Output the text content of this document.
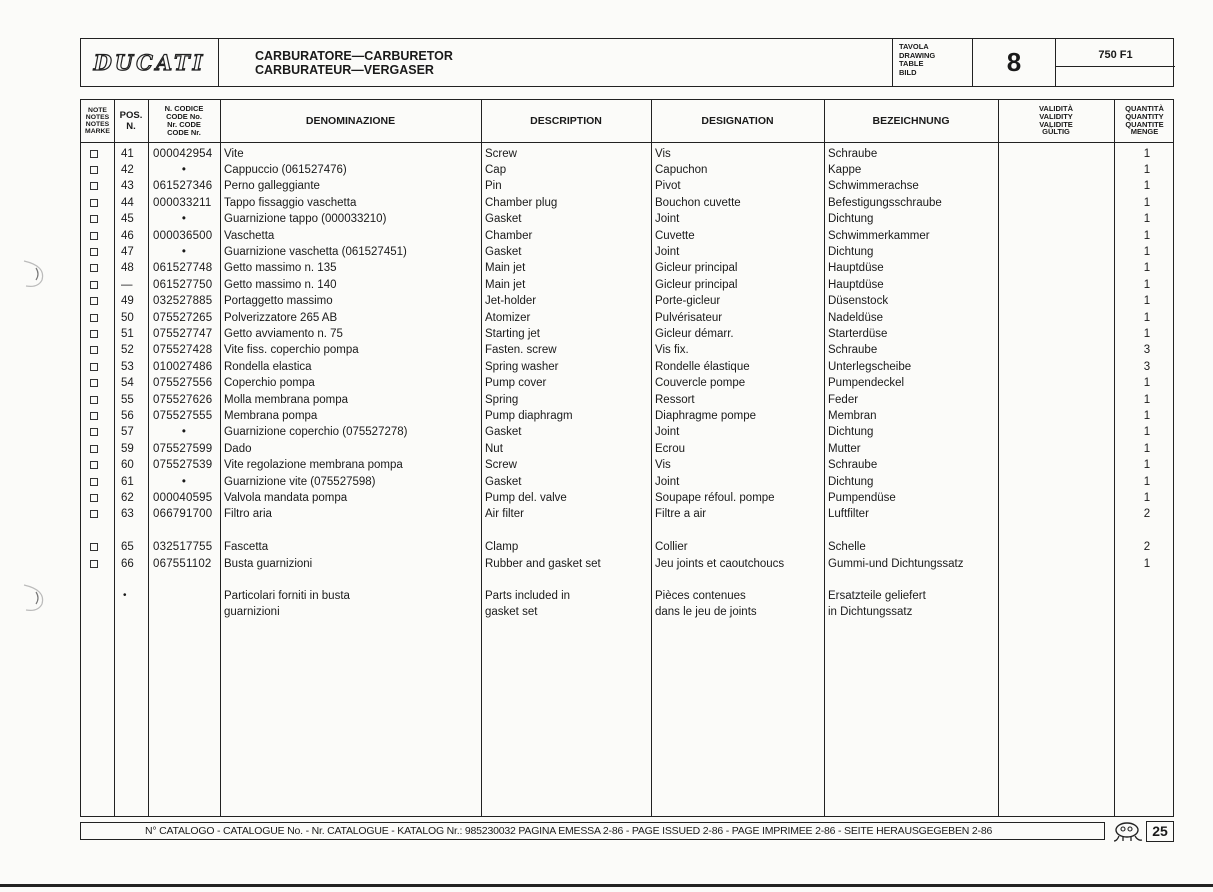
DUCATI	CARBURATORE—CARBURETOR
CARBURATEUR—VERGASER
TAVOLA
DRAWING
TABLE
BILD	8	750 F1
NOTE
NOTES
NOTES
MARKE
POS.
N.
N. CODICE
CODE No.
Nr. CODE
CODE Nr.
DENOMINAZIONE	DESCRIPTION	DESIGNATION	BEZEICHNUNG
VALIDITÀ
VALIDITY
VALIDITE
GÜLTIG
QUANTITÀ
QUANTITY
QUANTITE
MENGE
41 000042954 Vite	Screw	Vis	Schraube	1
42	•	Cappuccio (061527476)	Cap	Capuchon	Kappe	1
43 061527346 Perno galleggiante	Pin	Pivot	Schwimmerachse	1
44 000033211 Tappo fissaggio vaschetta	Chamber plug	Bouchon cuvette	Befestigungsschraube	1
45	•	Guarnizione tappo (000033210)	Gasket	Joint	Dichtung	1
46 000036500 Vaschetta	Chamber	Cuvette	Schwimmerkammer	1
47	•	Guarnizione vaschetta (061527451)	Gasket	Joint	Dichtung	1
48 061527748 Getto massimo n. 135	Main jet	Gicleur principal	Hauptdüse	1
— 061527750 Getto massimo n. 140	Main jet	Gicleur principal	Hauptdüse	1
49 032527885 Portaggetto massimo	Jet-holder	Porte-gicleur	Düsenstock	1
50 075527265 Polverizzatore 265 AB	Atomizer	Pulvérisateur	Nadeldüse	1
51 075527747 Getto avviamento n. 75	Starting jet	Gicleur démarr.	Starterdüse	1
52 075527428 Vite fiss. coperchio pompa	Fasten. screw	Vis fix.	Schraube	3
53 010027486 Rondella elastica	Spring washer	Rondelle élastique	Unterlegscheibe	3
54 075527556 Coperchio pompa	Pump cover	Couvercle pompe	Pumpendeckel	1
55 075527626 Molla membrana pompa	Spring	Ressort	Feder	1
56 075527555 Membrana pompa	Pump diaphragm	Diaphragme pompe	Membran	1
57	•	Guarnizione coperchio (075527278)	Gasket	Joint	Dichtung	1
59 075527599 Dado	Nut	Ecrou	Mutter	1
60 075527539 Vite regolazione membrana pompa	Screw	Vis	Schraube	1
61	•	Guarnizione vite (075527598)	Gasket	Joint	Dichtung	1
62 000040595 Valvola mandata pompa	Pump del. valve	Soupape réfoul. pompe	Pumpendüse	1
63 066791700 Filtro aria	Air filter	Filtre a air	Luftfilter	2
65 032517755 Fascetta	Clamp	Collier	Schelle	2
66 067551102 Busta guarnizioni	Rubber and gasket set	Jeu joints et caoutchoucs	Gummi-und Dichtungssatz	1
•	Particolari forniti in busta	Parts included in	Pièces contenues	Ersatzteile geliefert
guarnizioni	gasket set	dans le jeu de joints	in Dichtungssatz
N° CATALOGO - CATALOGUE No. - Nr. CATALOGUE - KATALOG Nr.: 985230032 PAGINA EMESSA 2-86 - PAGE ISSUED 2-86 - PAGE IMPRIMEE 2-86 - SEITE HERAUSGEGEBEN 2-86	25
